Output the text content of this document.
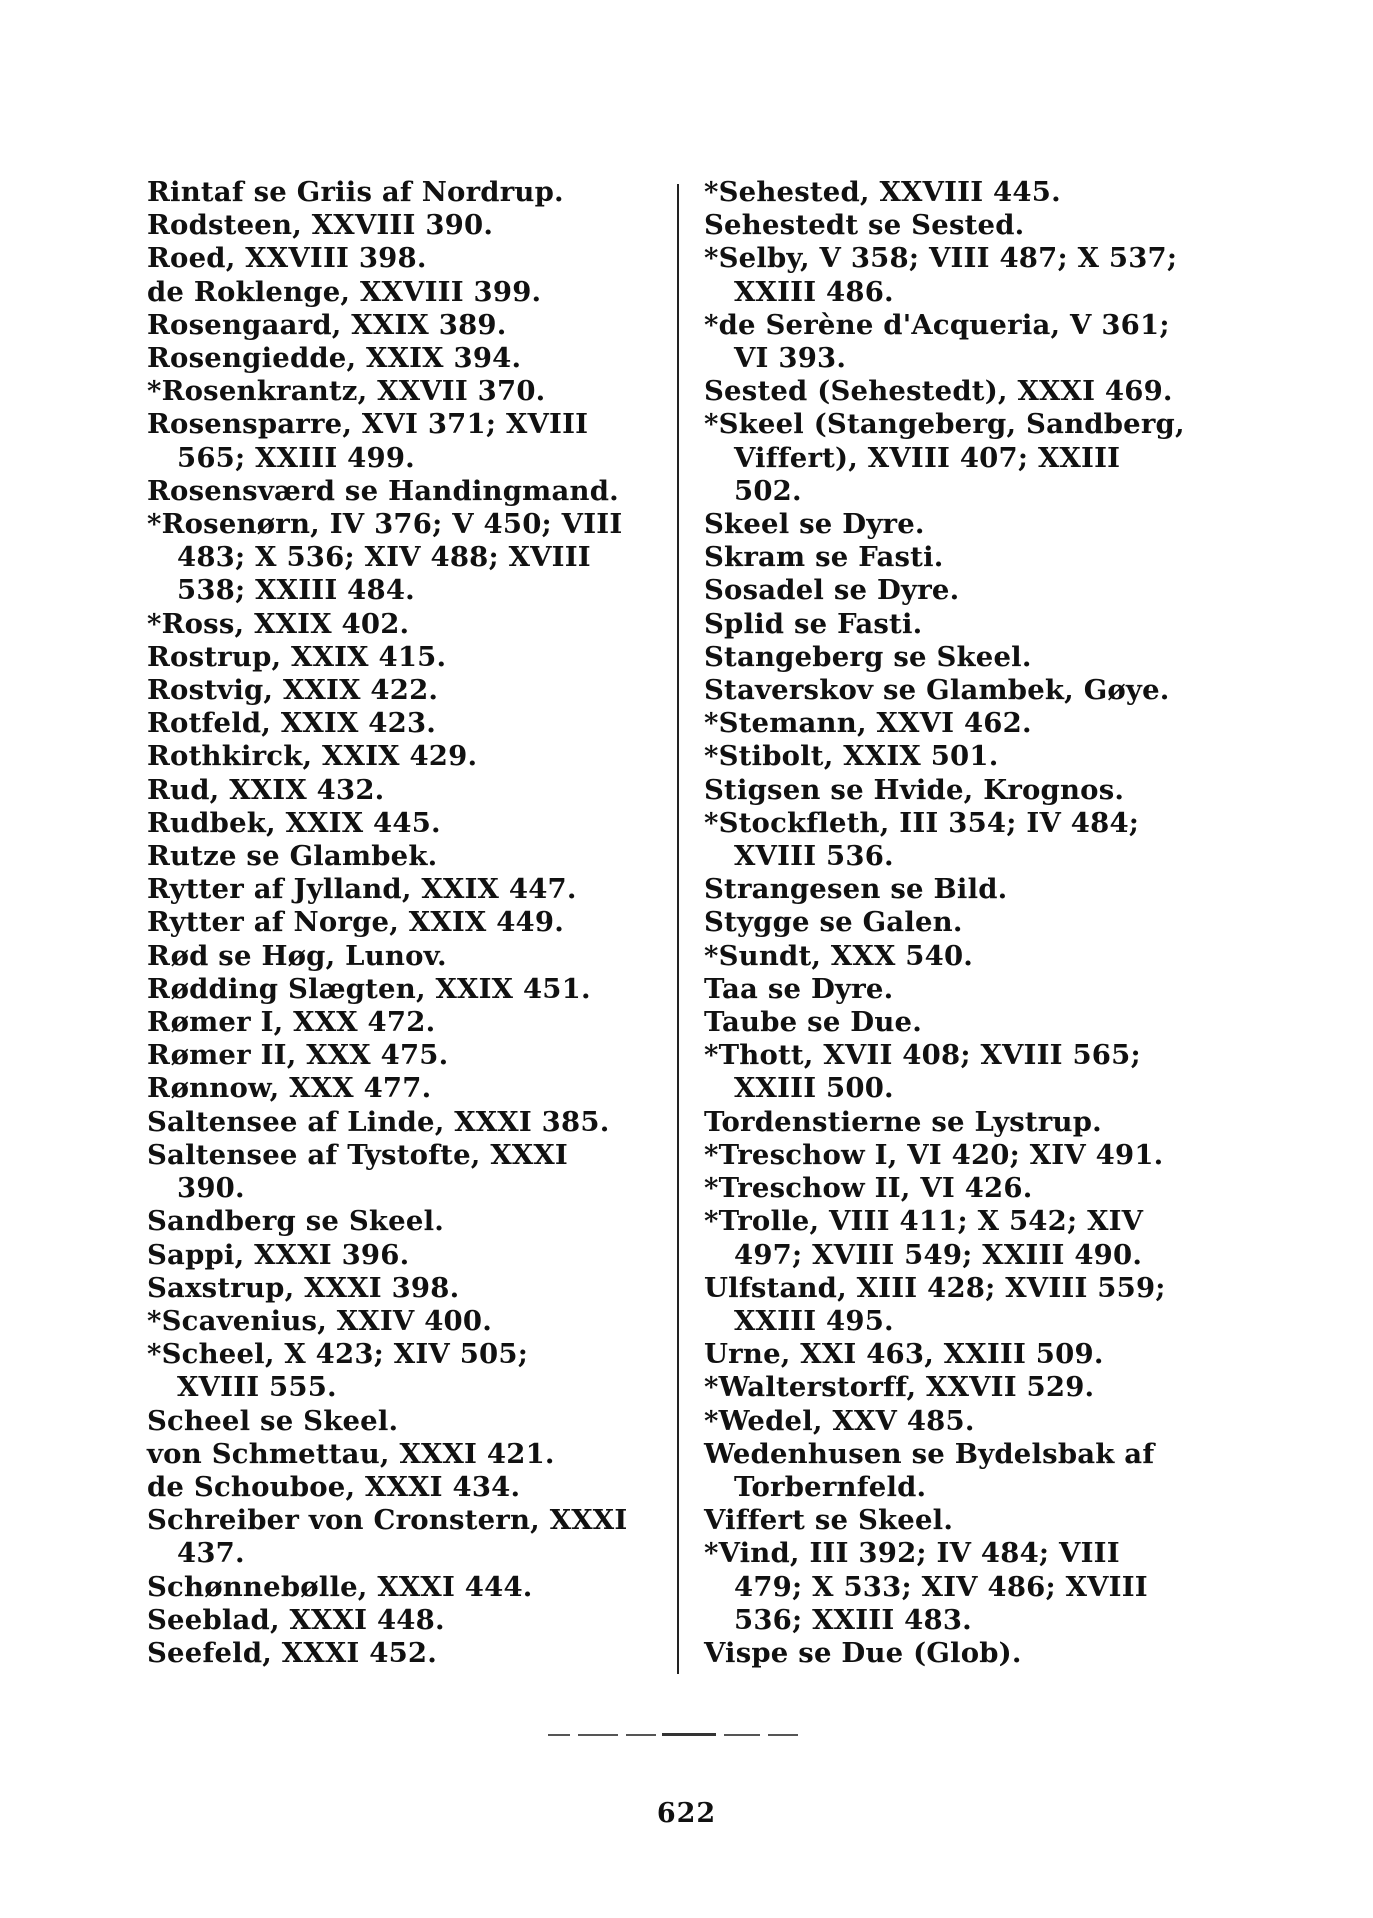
Rintaf se Griis af Nordrup.
Rodsteen, XXVIII 390.
Roed, XXVIII 398.
de Roklenge, XXVIII 399.
Rosengaard, XXIX 389.
Rosengiedde, XXIX 394.
*Rosenkrantz, XXVII 370.
Rosensparre, XVI 371; XVIII
565; XXIII 499.
Rosensværd se Handingmand.
*Rosenørn, IV 376; V 450; VIII
483; X 536; XIV 488; XVIII
538; XXIII 484.
*Ross, XXIX 402.
Rostrup, XXIX 415.
Rostvig, XXIX 422.
Rotfeld, XXIX 423.
Rothkirck, XXIX 429.
Rud, XXIX 432.
Rudbek, XXIX 445.
Rutze se Glambek.
Rytter af Jylland, XXIX 447.
Rytter af Norge, XXIX 449.
Rød se Høg, Lunov.
Rødding Slægten, XXIX 451.
Rømer I, XXX 472.
Rømer II, XXX 475.
Rønnow, XXX 477.
Saltensee af Linde, XXXI 385.
Saltensee af Tystofte, XXXI
390.
Sandberg se Skeel.
Sappi, XXXI 396.
Saxstrup, XXXI 398.
*Scavenius, XXIV 400.
*Scheel, X 423; XIV 505;
XVIII 555.
Scheel se Skeel.
von Schmettau, XXXI 421.
de Schouboe, XXXI 434.
Schreiber von Cronstern, XXXI
437.
Schønnebølle, XXXI 444.
Seeblad, XXXI 448.
Seefeld, XXXI 452.
*Sehested, XXVIII 445.
Sehestedt se Sested.
*Selby, V 358; VIII 487; X 537;
XXIII 486.
*de Serène d'Acqueria, V 361;
VI 393.
Sested (Sehestedt), XXXI 469.
*Skeel (Stangeberg, Sandberg,
Viffert), XVIII 407; XXIII
502.
Skeel se Dyre.
Skram se Fasti.
Sosadel se Dyre.
Splid se Fasti.
Stangeberg se Skeel.
Staverskov se Glambek, Gøye.
*Stemann, XXVI 462.
*Stibolt, XXIX 501.
Stigsen se Hvide, Krognos.
*Stockfleth, III 354; IV 484;
XVIII 536.
Strangesen se Bild.
Stygge se Galen.
*Sundt, XXX 540.
Taa se Dyre.
Taube se Due.
*Thott, XVII 408; XVIII 565;
XXIII 500.
Tordenstierne se Lystrup.
*Treschow I, VI 420; XIV 491.
*Treschow II, VI 426.
*Trolle, VIII 411; X 542; XIV
497; XVIII 549; XXIII 490.
Ulfstand, XIII 428; XVIII 559;
XXIII 495.
Urne, XXI 463, XXIII 509.
*Walterstorff, XXVII 529.
*Wedel, XXV 485.
Wedenhusen se Bydelsbak af
Torbernfeld.
Viffert se Skeel.
*Vind, III 392; IV 484; VIII
479; X 533; XIV 486; XVIII
536; XXIII 483.
Vispe se Due (Glob).
622
